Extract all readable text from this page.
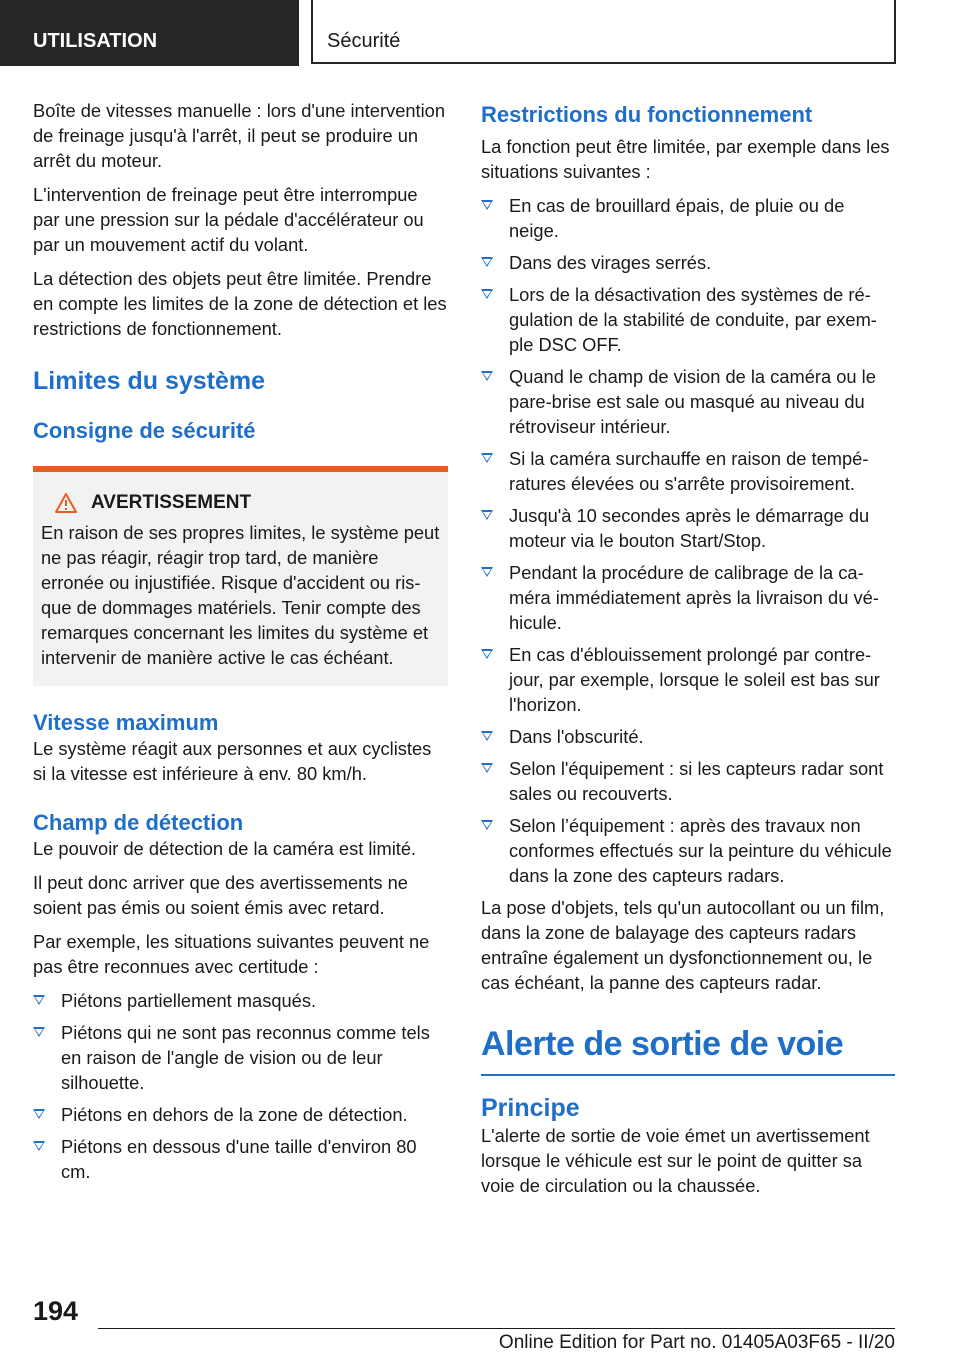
UTILISATION	Sécurité

Boîte de vitesses manuelle : lors d'une intervention de freinage jusqu'à l'arrêt, il peut se produire un arrêt du moteur.

L'intervention de freinage peut être interrompue par une pression sur la pédale d'accélérateur ou par un mouvement actif du volant.

La détection des objets peut être limitée. Prendre en compte les limites de la zone de détection et les restrictions de fonctionnement.

Limites du système
Consigne de sécurité
AVERTISSEMENT

En raison de ses propres limites, le système peut ne pas réagir, réagir trop tard, de manière erronée ou injustifiée. Risque d'accident ou risque de dommages matériels. Tenir compte des remarques concernant les limites du système et intervenir de manière active le cas échéant.

Vitesse maximum

Le système réagit aux personnes et aux cyclistes si la vitesse est inférieure à env. 80 km/h.

Champ de détection

Le pouvoir de détection de la caméra est limité.

Il peut donc arriver que des avertissements ne soient pas émis ou soient émis avec retard.

Par exemple, les situations suivantes peuvent ne pas être reconnues avec certitude :

Piétons partiellement masqués.
Piétons qui ne sont pas reconnus comme tels en raison de l'angle de vision ou de leur silhouette.
Piétons en dehors de la zone de détection.
Piétons en dessous d'une taille d'environ 80 cm.
Restrictions du fonctionnement

La fonction peut être limitée, par exemple dans les situations suivantes :

En cas de brouillard épais, de pluie ou de neige.
Dans des virages serrés.
Lors de la désactivation des systèmes de régulation de la stabilité de conduite, par exemple DSC OFF.
Quand le champ de vision de la caméra ou le pare-brise est sale ou masqué au niveau du rétroviseur intérieur.
Si la caméra surchauffe en raison de températures élevées ou s'arrête provisoirement.
Jusqu'à 10 secondes après le démarrage du moteur via le bouton Start/Stop.
Pendant la procédure de calibrage de la caméra immédiatement après la livraison du véhicule.
En cas d'éblouissement prolongé par contre-jour, par exemple, lorsque le soleil est bas sur l'horizon.
Dans l'obscurité.
Selon l'équipement : si les capteurs radar sont sales ou recouverts.
Selon l’équipement : après des travaux non conformes effectués sur la peinture du véhicule dans la zone des capteurs radars.

La pose d'objets, tels qu'un autocollant ou un film, dans la zone de balayage des capteurs radars entraîne également un dysfonctionnement ou, le cas échéant, la panne des capteurs radar.

Alerte de sortie de voie
Principe

L'alerte de sortie de voie émet un avertissement lorsque le véhicule est sur le point de quitter sa voie de circulation ou la chaussée.

194
Online Edition for Part no. 01405A03F65 - II/20
